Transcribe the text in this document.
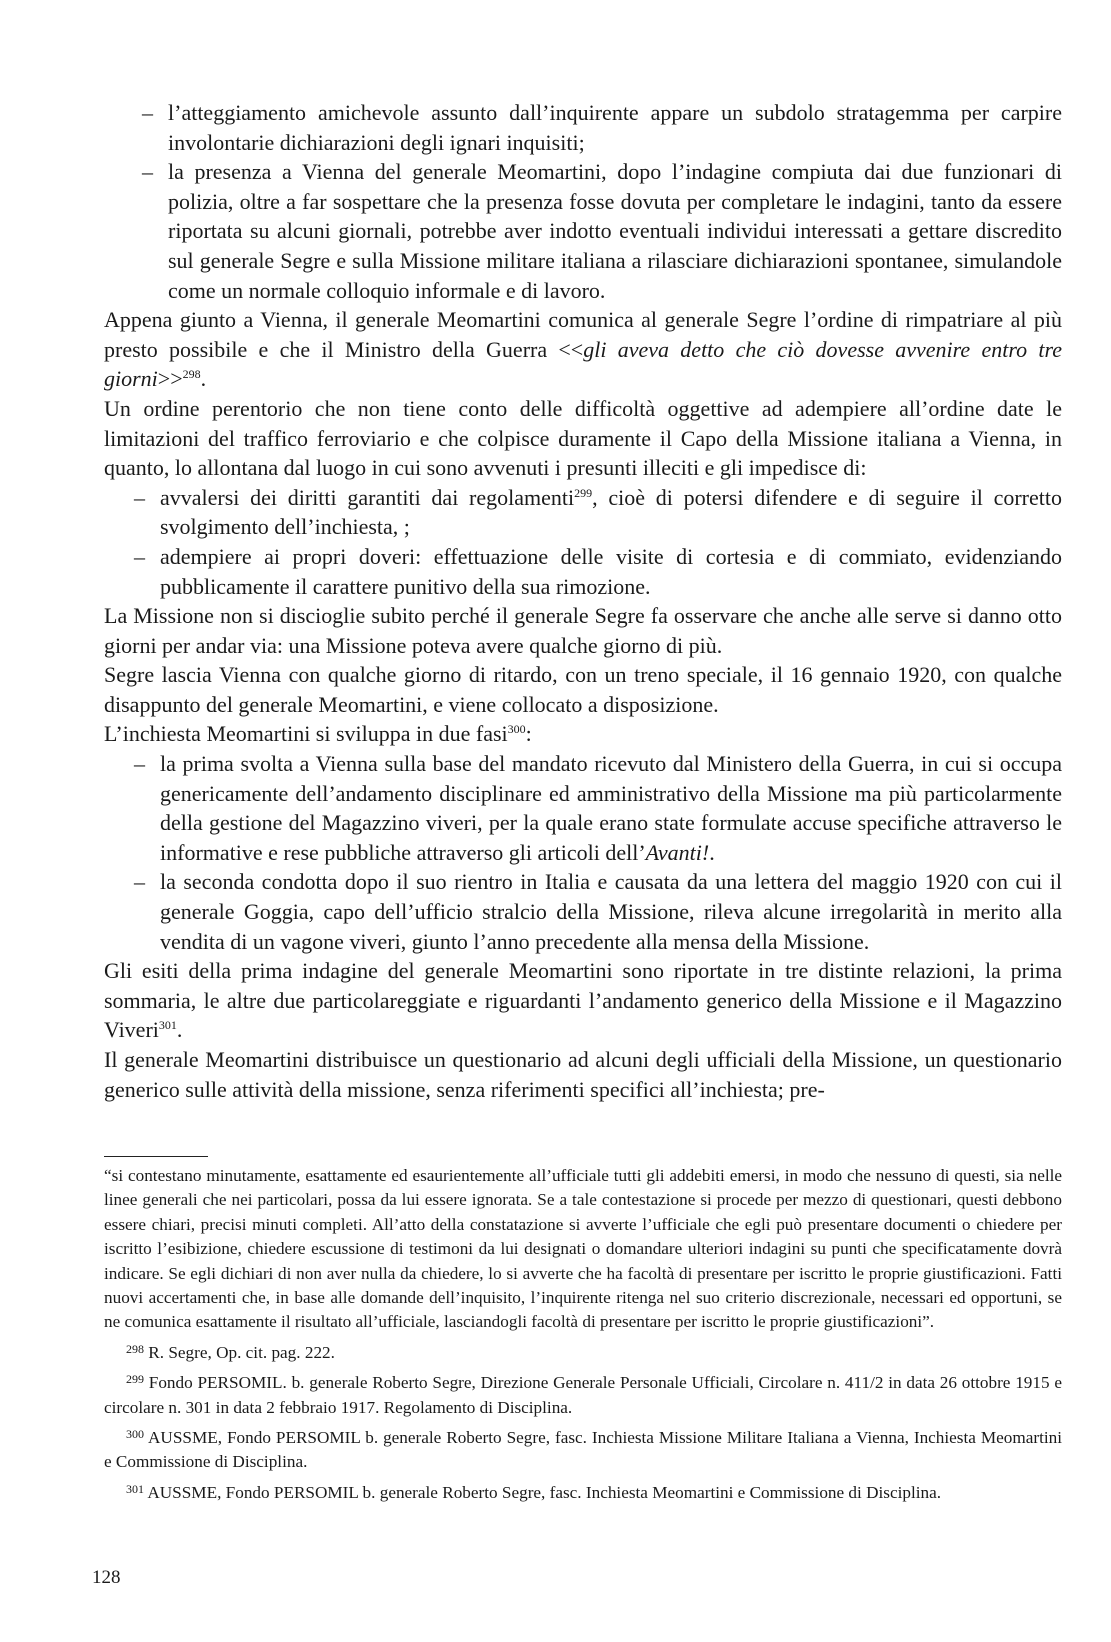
– l’atteggiamento amichevole assunto dall’inquirente appare un subdolo stratagemma per carpire involontarie dichiarazioni degli ignari inquisiti;

– la presenza a Vienna del generale Meomartini, dopo l’indagine compiuta dai due funzionari di polizia, oltre a far sospettare che la presenza fosse dovuta per completare le indagini, tanto da essere riportata su alcuni giornali, potrebbe aver indotto eventuali individui interessati a gettare discredito sul generale Segre e sulla Missione militare italiana a rilasciare dichiarazioni spontanee, simulandole come un normale colloquio informale e di lavoro.

Appena giunto a Vienna, il generale Meomartini comunica al generale Segre l’ordine di rimpatriare al più presto possibile e che il Ministro della Guerra <<gli aveva detto che ciò dovesse avvenire entro tre giorni>>$^{298}$.

Un ordine perentorio che non tiene conto delle difficoltà oggettive ad adempiere all’ordine date le limitazioni del traffico ferroviario e che colpisce duramente il Capo della Missione italiana a Vienna, in quanto, lo allontana dal luogo in cui sono avvenuti i presunti illeciti e gli impedisce di:

– avvalersi dei diritti garantiti dai regolamenti$^{299}$, cioè di potersi difendere e di seguire il corretto svolgimento dell’inchiesta, ;

– adempiere ai propri doveri: effettuazione delle visite di cortesia e di commiato, evidenziando pubblicamente il carattere punitivo della sua rimozione.

La Missione non si discioglie subito perché il generale Segre fa osservare che anche alle serve si danno otto giorni per andar via: una Missione poteva avere qualche giorno di più.

Segre lascia Vienna con qualche giorno di ritardo, con un treno speciale, il 16 gennaio 1920, con qualche disappunto del generale Meomartini, e viene collocato a disposizione.

L’inchiesta Meomartini si sviluppa in due fasi$^{300}$:

– la prima svolta a Vienna sulla base del mandato ricevuto dal Ministero della Guerra, in cui si occupa genericamente dell’andamento disciplinare ed amministrativo della Missione ma più particolarmente della gestione del Magazzino viveri, per la quale erano state formulate accuse specifiche attraverso le informative e rese pubbliche attraverso gli articoli dell’Avanti!.

– la seconda condotta dopo il suo rientro in Italia e causata da una lettera del maggio 1920 con cui il generale Goggia, capo dell’ufficio stralcio della Missione, rileva alcune irregolarità in merito alla vendita di un vagone viveri, giunto l’anno precedente alla mensa della Missione.

Gli esiti della prima indagine del generale Meomartini sono riportate in tre distinte relazioni, la prima sommaria, le altre due particolareggiate e riguardanti l’andamento generico della Missione e il Magazzino Viveri$^{301}$.

Il generale Meomartini distribuisce un questionario ad alcuni degli ufficiali della Missione, un questionario generico sulle attività della missione, senza riferimenti specifici all’inchiesta; pre-

“si contestano minutamente, esattamente ed esaurientemente all’ufficiale tutti gli addebiti emersi, in modo che nessuno di questi, sia nelle linee generali che nei particolari, possa da lui essere ignorata. Se a tale contestazione si procede per mezzo di questionari, questi debbono essere chiari, precisi minuti completi. All’atto della constatazione si avverte l’ufficiale che egli può presentare documenti o chiedere per iscritto l’esibizione, chiedere escussione di testimoni da lui designati o domandare ulteriori indagini su punti che specificatamente dovrà indicare. Se egli dichiari di non aver nulla da chiedere, lo si avverte che ha facoltà di presentare per iscritto le proprie giustificazioni. Fatti nuovi accertamenti che, in base alle domande dell’inquisito, l’inquirente ritenga nel suo criterio discrezionale, necessari ed opportuni, se ne comunica esattamente il risultato all’ufficiale, lasciandogli facoltà di presentare per iscritto le proprie giustificazioni”.

$^{298}$ R. Segre, Op. cit. pag. 222.

$^{299}$ Fondo PERSOMIL. b. generale Roberto Segre, Direzione Generale Personale Ufficiali, Circolare n. 411/2 in data 26 ottobre 1915 e circolare n. 301 in data 2 febbraio 1917. Regolamento di Disciplina.

$^{300}$ AUSSME, Fondo PERSOMIL b. generale Roberto Segre, fasc. Inchiesta Missione Militare Italiana a Vienna, Inchiesta Meomartini e Commissione di Disciplina.

$^{301}$ AUSSME, Fondo PERSOMIL b. generale Roberto Segre, fasc. Inchiesta Meomartini e Commissione di Disciplina.

128
